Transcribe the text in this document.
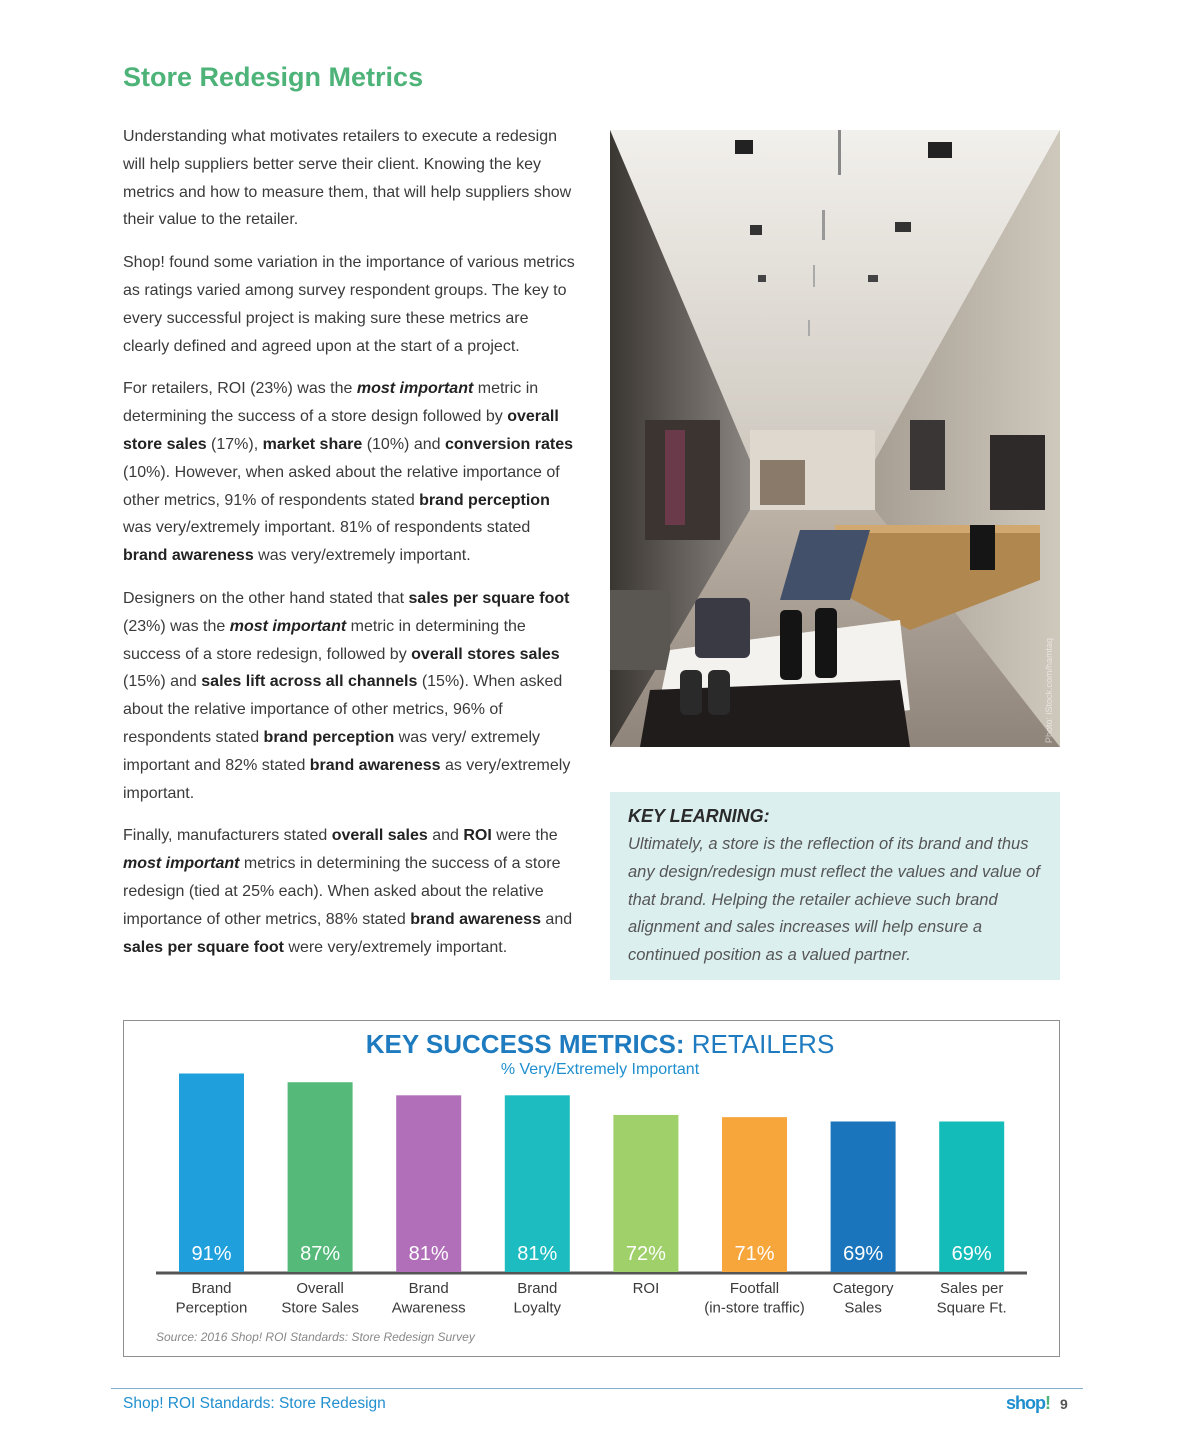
Store Redesign Metrics

Understanding what motivates retailers to execute a redesign will help suppliers better serve their client. Knowing the key metrics and how to measure them, that will help suppliers show their value to the retailer.

Shop! found some variation in the importance of various metrics as ratings varied among survey respondent groups. The key to every successful project is making sure these metrics are clearly defined and agreed upon at the start of a project.

For retailers, ROI (23%) was the most important metric in determining the success of a store design followed by overall store sales (17%), market share (10%) and conversion rates (10%). However, when asked about the relative importance of other metrics, 91% of respondents stated brand perception was very/extremely important. 81% of respondents stated brand awareness was very/extremely important.

Designers on the other hand stated that sales per square foot (23%) was the most important metric in determining the success of a store redesign, followed by overall stores sales (15%) and sales lift across all channels (15%). When asked about the relative importance of other metrics, 96% of respondents stated brand perception was very/ extremely important and 82% stated brand awareness as very/extremely important.

Finally, manufacturers stated overall sales and ROI were the most important metrics in determining the success of a store redesign (tied at 25% each). When asked about the relative importance of other metrics, 88% stated brand awareness and sales per square foot were very/extremely important.

Photo: iStock.com/hamtaq
KEY LEARNING:
Ultimately, a store is the reflection of its brand and thus any design/redesign must reflect the values and value of that brand. Helping the retailer achieve such brand alignment and sales increases will help ensure a continued position as a valued partner.
KEY SUCCESS METRICS: RETAILERS
% Very/Extremely Important
91%
Brand
Perception
87%
Overall
Store Sales
81%
Brand
Awareness
81%
Brand
Loyalty
72%
ROI
71%
Footfall
(in-store traffic)
69%
Category
Sales
69%
Sales per
Square Ft.
Source: 2016 Shop! ROI Standards: Store Redesign Survey
Shop! ROI Standards: Store Redesign	shop! 9
